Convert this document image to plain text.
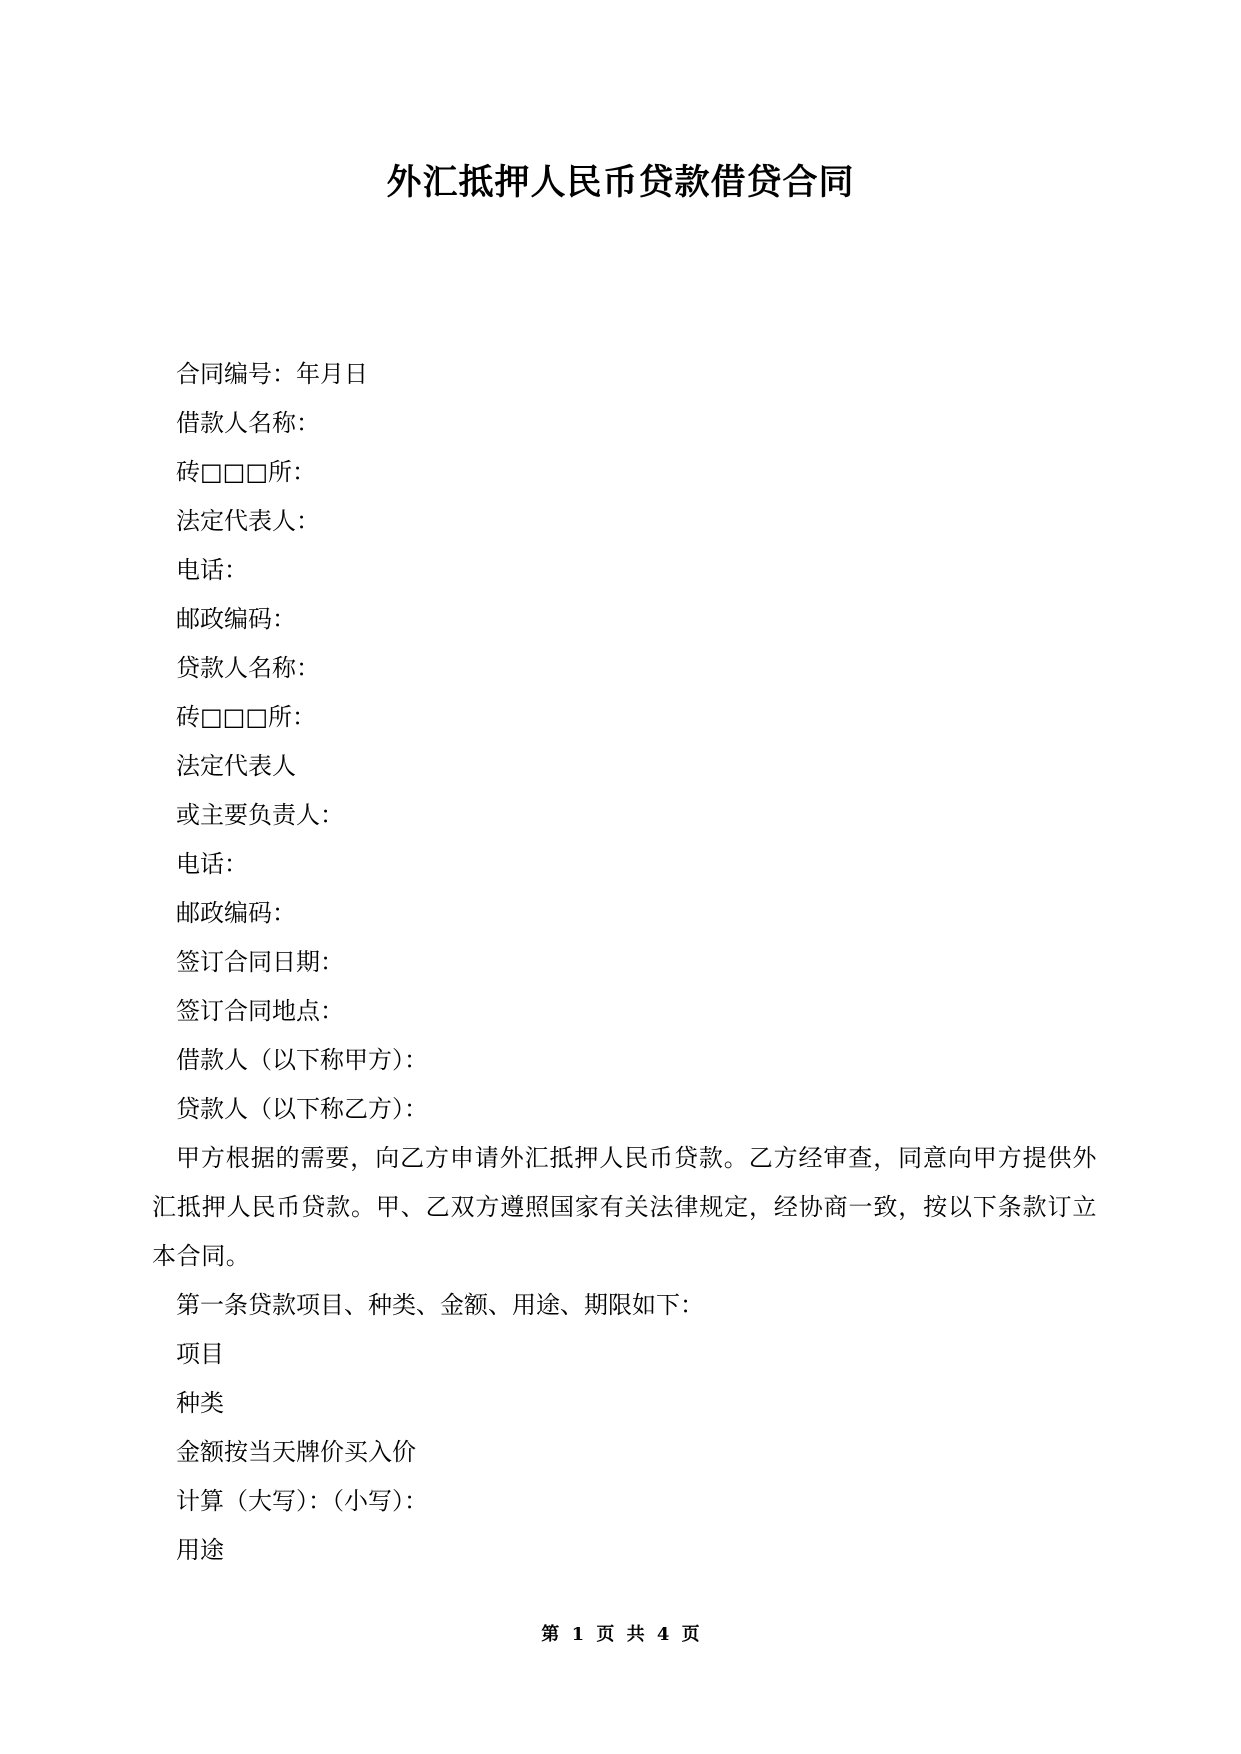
外汇抵押人民币贷款借贷合同
合同编号：年月日
借款人名称：
砖□□□所：
法定代表人：
电话：
邮政编码：
贷款人名称：
砖□□□所：
法定代表人
或主要负责人：
电话：
邮政编码：
签订合同日期：
签订合同地点：
借款人（以下称甲方）：
贷款人（以下称乙方）：
甲方根据的需要，向乙方申请外汇抵押人民币贷款。乙方经审查，同意向甲方提供外汇抵押人民币贷款。甲、乙双方遵照国家有关法律规定，经协商一致，按以下条款订立本合同。
第一条贷款项目、种类、金额、用途、期限如下：
项目
种类
金额按当天牌价买入价
计算（大写）：（小写）：
用途
第 1 页 共 4 页
